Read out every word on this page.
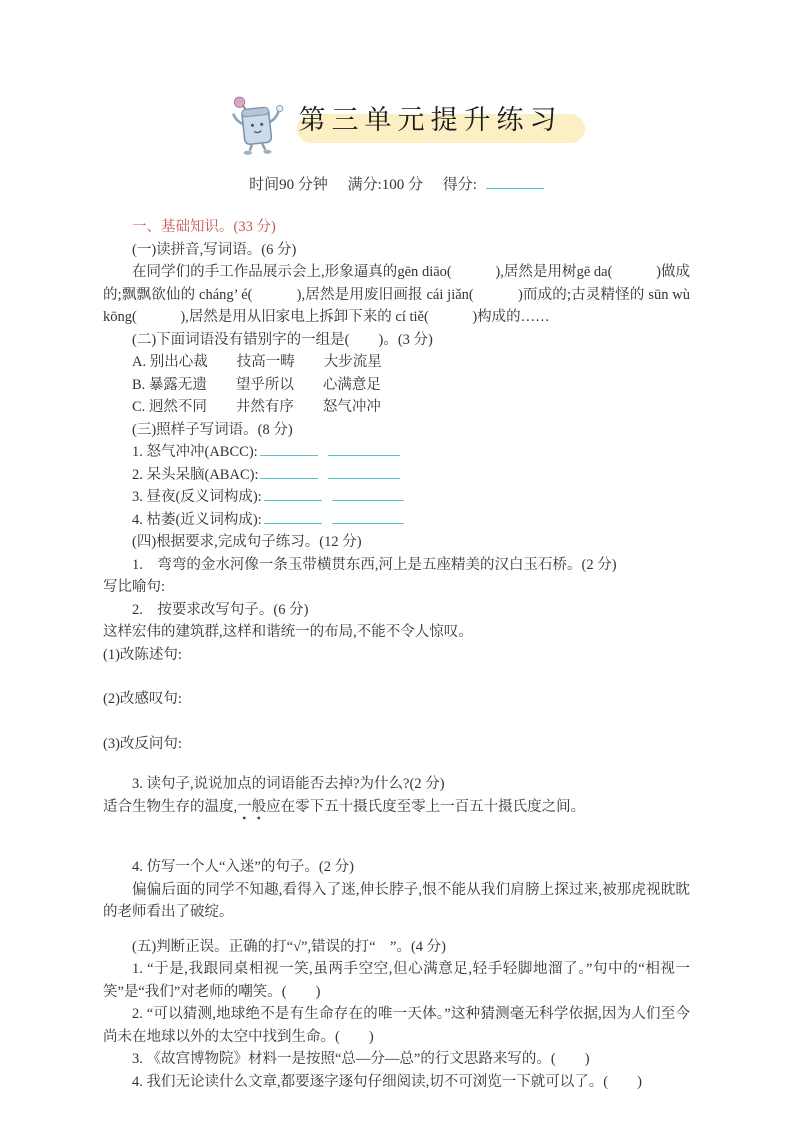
第三单元提升练习
时间90 分钟 满分:100 分 得分:

一、基础知识。(33 分)

(一)读拼音,写词语。(6 分)

在同学们的手工作品展示会上,形象逼真的gēn diāo(　　　),居然是用树gē da(　　　)做成的;飘飘欲仙的 cháng’ é(　　　),居然是用废旧画报 cái jiǎn(　　　)而成的;古灵精怪的 sūn wù kōng(　　　),居然是用从旧家电上拆卸下来的 cí tiě(　　　)构成的……

(二)下面词语没有错别字的一组是(　　)。(3 分)

A. 别出心裁　　技高一畴　　大步流星

B. 暴露无遗　　望乎所以　　心满意足

C. 迥然不同　　井然有序　　怒气冲冲

(三)照样子写词语。(8 分)

1. 怒气冲冲(ABCC):

2. 呆头呆脑(ABAC):

3. 昼夜(反义词构成):

4. 枯萎(近义词构成):

(四)根据要求,完成句子练习。(12 分)

1.　弯弯的金水河像一条玉带横贯东西,河上是五座精美的汉白玉石桥。(2 分)

写比喻句:

2.　按要求改写句子。(6 分)

这样宏伟的建筑群,这样和谐统一的布局,不能不令人惊叹。

(1)改陈述句:

(2)改感叹句:

(3)改反问句:

3. 读句子,说说加点的词语能否去掉?为什么?(2 分)

适合生物生存的温度,一般应在零下五十摄氏度至零上一百五十摄氏度之间。

4. 仿写一个人“入迷”的句子。(2 分)

偏偏后面的同学不知趣,看得入了迷,伸长脖子,恨不能从我们肩膀上探过来,被那虎视眈眈的老师看出了破绽。

(五)判断正误。正确的打“√”,错误的打“　”。(4 分)

1. “于是,我跟同桌相视一笑,虽两手空空,但心满意足,轻手轻脚地溜了。”句中的“相视一笑”是“我们”对老师的嘲笑。(　　)

2. “可以猜测,地球绝不是有生命存在的唯一天体。”这种猜测毫无科学依据,因为人们至今尚未在地球以外的太空中找到生命。(　　)

3. 《故宫博物院》材料一是按照“总—分—总”的行文思路来写的。(　　)

4. 我们无论读什么文章,都要逐字逐句仔细阅读,切不可浏览一下就可以了。(　　)
